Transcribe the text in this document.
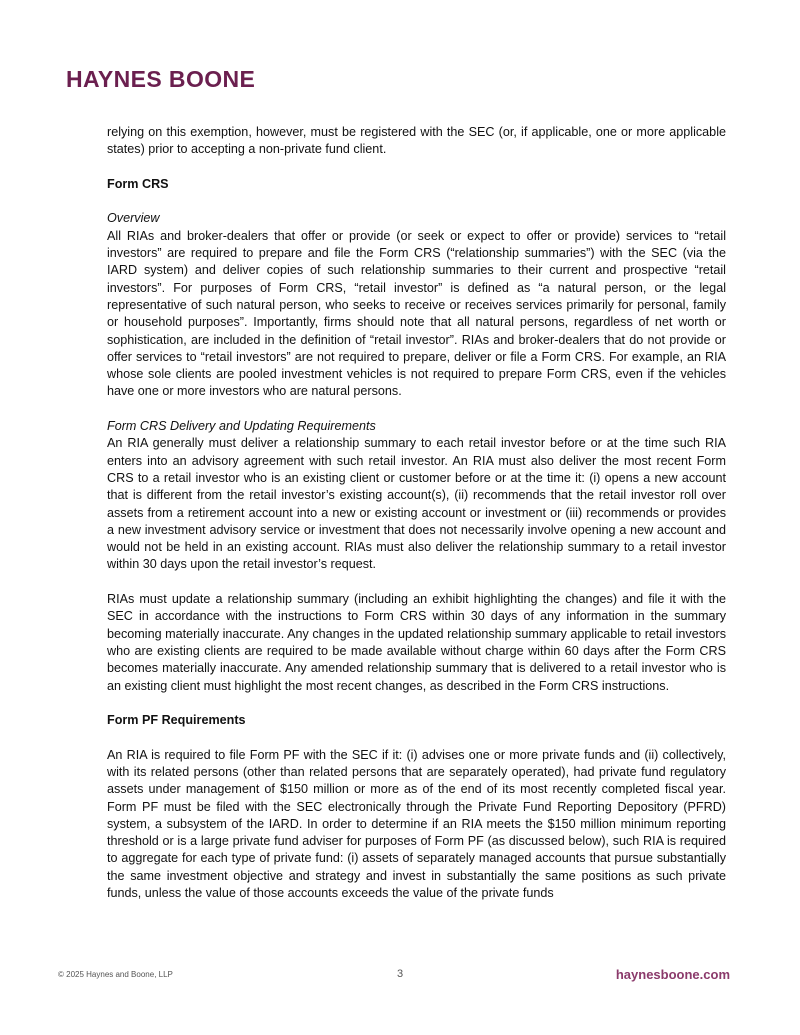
HAYNES BOONE

relying on this exemption, however, must be registered with the SEC (or, if applicable, one or more applicable states) prior to accepting a non-private fund client.

Form CRS

Overview
All RIAs and broker-dealers that offer or provide (or seek or expect to offer or provide) services to “retail investors” are required to prepare and file the Form CRS (“relationship summaries”) with the SEC (via the IARD system) and deliver copies of such relationship summaries to their current and prospective “retail investors”. For purposes of Form CRS, “retail investor” is defined as “a natural person, or the legal representative of such natural person, who seeks to receive or receives services primarily for personal, family or household purposes”. Importantly, firms should note that all natural persons, regardless of net worth or sophistication, are included in the definition of “retail investor”. RIAs and broker-dealers that do not provide or offer services to “retail investors” are not required to prepare, deliver or file a Form CRS. For example, an RIA whose sole clients are pooled investment vehicles is not required to prepare Form CRS, even if the vehicles have one or more investors who are natural persons.

Form CRS Delivery and Updating Requirements
An RIA generally must deliver a relationship summary to each retail investor before or at the time such RIA enters into an advisory agreement with such retail investor. An RIA must also deliver the most recent Form CRS to a retail investor who is an existing client or customer before or at the time it: (i) opens a new account that is different from the retail investor’s existing account(s), (ii) recommends that the retail investor roll over assets from a retirement account into a new or existing account or investment or (iii) recommends or provides a new investment advisory service or investment that does not necessarily involve opening a new account and would not be held in an existing account. RIAs must also deliver the relationship summary to a retail investor within 30 days upon the retail investor’s request.

RIAs must update a relationship summary (including an exhibit highlighting the changes) and file it with the SEC in accordance with the instructions to Form CRS within 30 days of any information in the summary becoming materially inaccurate. Any changes in the updated relationship summary applicable to retail investors who are existing clients are required to be made available without charge within 60 days after the Form CRS becomes materially inaccurate. Any amended relationship summary that is delivered to a retail investor who is an existing client must highlight the most recent changes, as described in the Form CRS instructions.

Form PF Requirements

An RIA is required to file Form PF with the SEC if it: (i) advises one or more private funds and (ii) collectively, with its related persons (other than related persons that are separately operated), had private fund regulatory assets under management of $150 million or more as of the end of its most recently completed fiscal year. Form PF must be filed with the SEC electronically through the Private Fund Reporting Depository (PFRD) system, a subsystem of the IARD. In order to determine if an RIA meets the $150 million minimum reporting threshold or is a large private fund adviser for purposes of Form PF (as discussed below), such RIA is required to aggregate for each type of private fund: (i) assets of separately managed accounts that pursue substantially the same investment objective and strategy and invest in substantially the same positions as such private funds, unless the value of those accounts exceeds the value of the private funds

© 2025 Haynes and Boone, LLP	3	haynesboone.com
